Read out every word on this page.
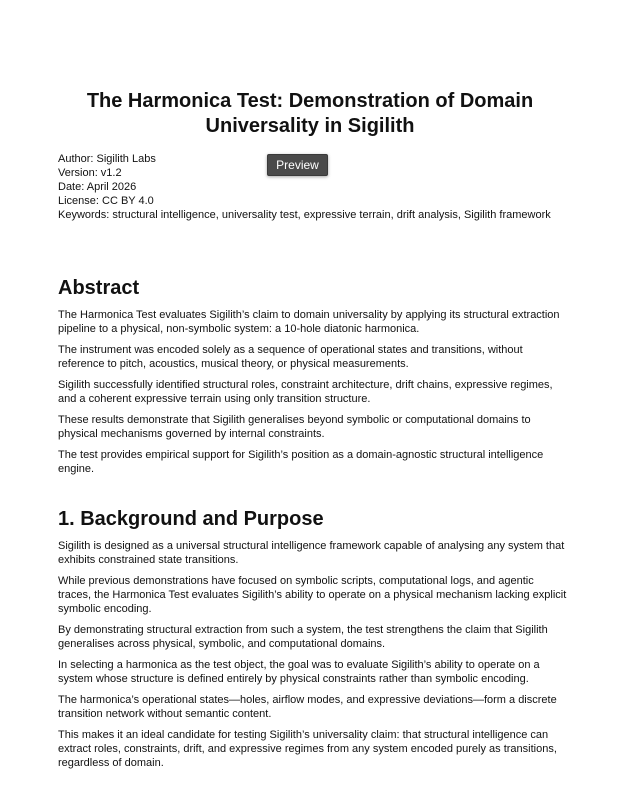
The Harmonica Test: Demonstration of Domain Universality in Sigilith
Author: Sigilith Labs
Version: v1.2
Date: April 2026
License: CC BY 4.0
Keywords: structural intelligence, universality test, expressive terrain, drift analysis, Sigilith framework
Preview
Abstract

The Harmonica Test evaluates Sigilith’s claim to domain universality by applying its structural extraction pipeline to a physical, non-symbolic system: a 10-hole diatonic harmonica.

The instrument was encoded solely as a sequence of operational states and transitions, without reference to pitch, acoustics, musical theory, or physical measurements.

Sigilith successfully identified structural roles, constraint architecture, drift chains, expressive regimes, and a coherent expressive terrain using only transition structure.

These results demonstrate that Sigilith generalises beyond symbolic or computational domains to physical mechanisms governed by internal constraints.

The test provides empirical support for Sigilith’s position as a domain-agnostic structural intelligence engine.

1. Background and Purpose

Sigilith is designed as a universal structural intelligence framework capable of analysing any system that exhibits constrained state transitions.

While previous demonstrations have focused on symbolic scripts, computational logs, and agentic traces, the Harmonica Test evaluates Sigilith’s ability to operate on a physical mechanism lacking explicit symbolic encoding.

By demonstrating structural extraction from such a system, the test strengthens the claim that Sigilith generalises across physical, symbolic, and computational domains.

In selecting a harmonica as the test object, the goal was to evaluate Sigilith’s ability to operate on a system whose structure is defined entirely by physical constraints rather than symbolic encoding.

The harmonica’s operational states—holes, airflow modes, and expressive deviations—form a discrete transition network without semantic content.

This makes it an ideal candidate for testing Sigilith’s universality claim: that structural intelligence can extract roles, constraints, drift, and expressive regimes from any system encoded purely as transitions, regardless of domain.
